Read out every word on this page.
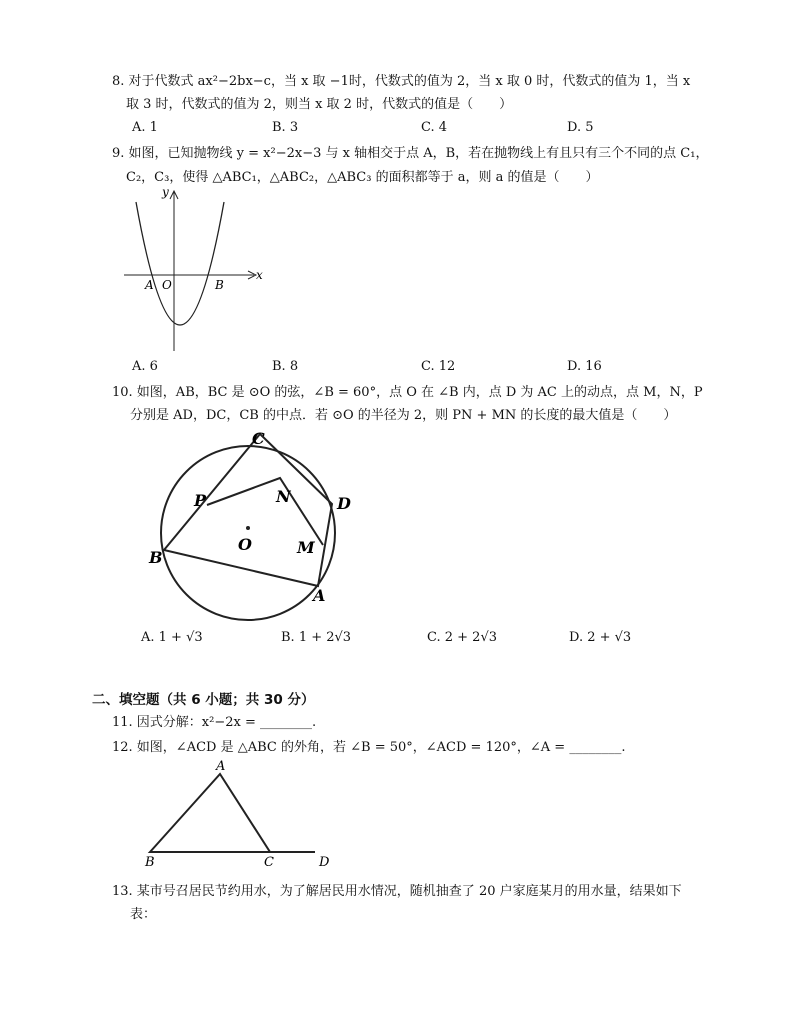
8. 对于代数式 ax²−2bx−c，当 x 取 −1时，代数式的值为 2，当 x 取 0 时，代数式的值为 1，当 x
取 3 时，代数式的值为 2，则当 x 取 2 时，代数式的值是（　　）
A. 1	B. 3	C. 4	D. 5
9. 如图，已知抛物线 y = x²−2x−3 与 x 轴相交于点 A，B，若在抛物线上有且只有三个不同的点 C₁，
C₂，C₃，使得 △ABC₁，△ABC₂，△ABC₃ 的面积都等于 a，则 a 的值是（　　）
y
x
A O	B
A. 6	B. 8	C. 12	D. 16
10. 如图，AB，BC 是 ⊙O 的弦，∠B = 60°，点 O 在 ∠B 内，点 D 为 AC 上的动点，点 M，N，P
分别是 AD，DC，CB 的中点．若 ⊙O 的半径为 2，则 PN + MN 的长度的最大值是（　　）
C
P	N	D
O	M
B
A
A. 1 + √3	B. 1 + 2√3	C. 2 + 2√3	D. 2 + √3
二、填空题（共 6 小题；共 30 分）
11. 因式分解：x²−2x = ________.
12. 如图，∠ACD 是 △ABC 的外角，若 ∠B = 50°，∠ACD = 120°，∠A = ________.
A
B	C	D
13. 某市号召居民节约用水，为了解居民用水情况，随机抽查了 20 户家庭某月的用水量，结果如下
表：
